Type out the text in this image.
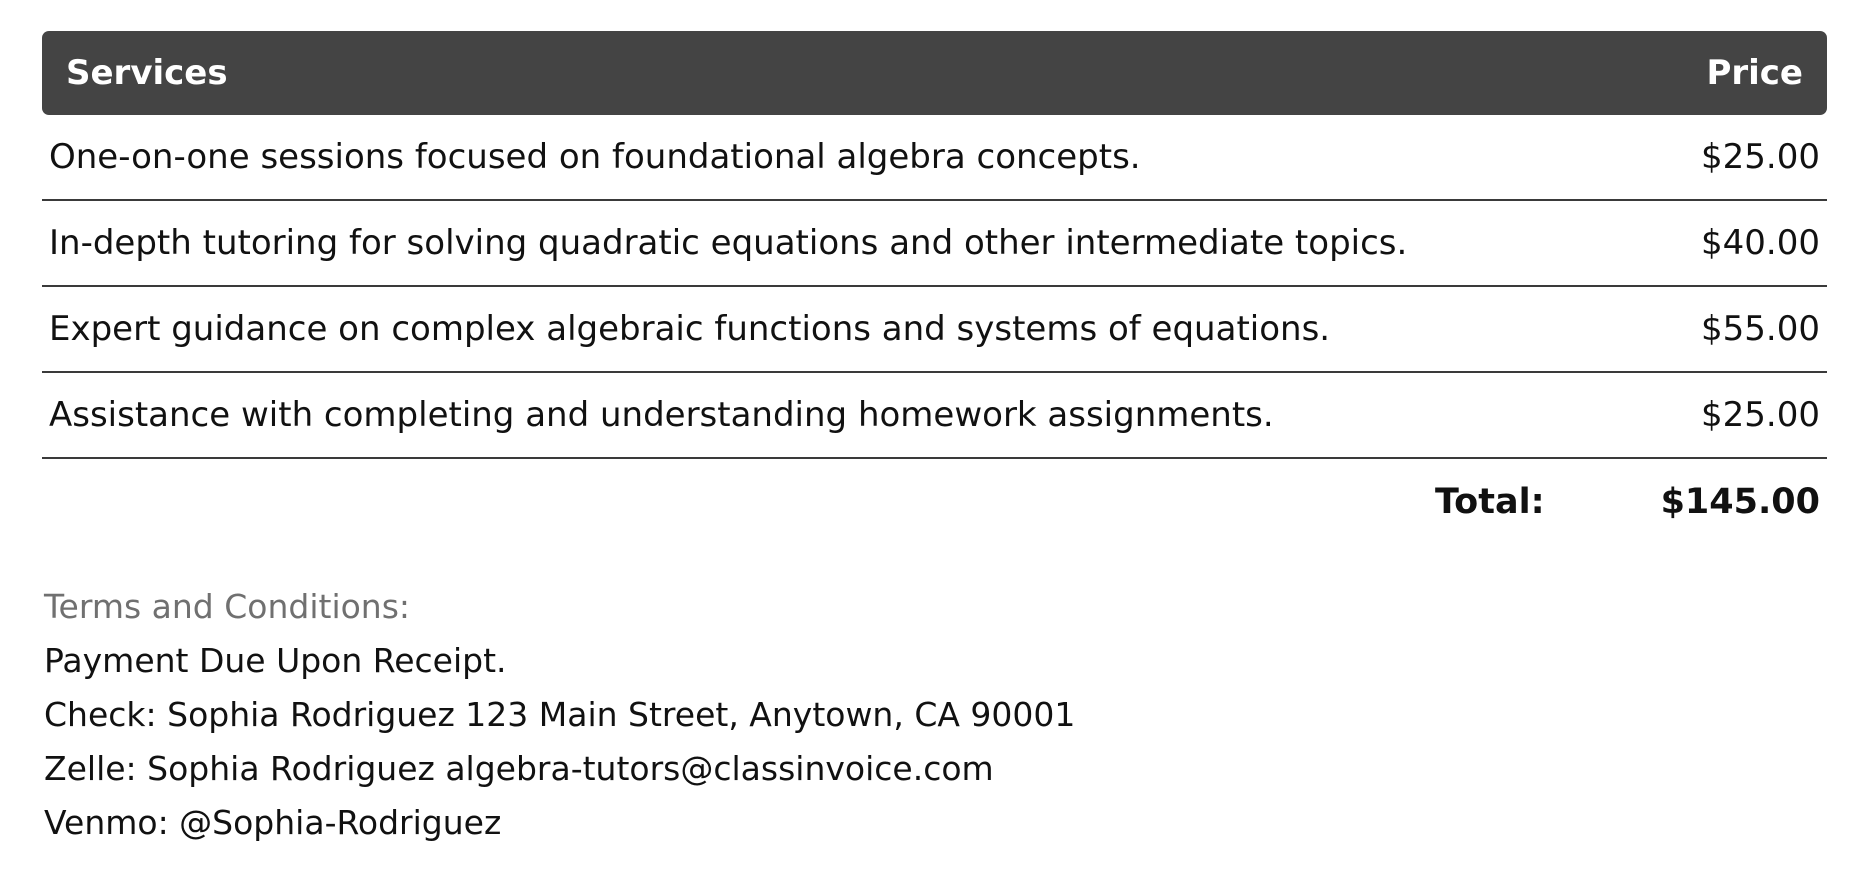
Services	Price
One-on-one sessions focused on foundational algebra concepts.	$25.00
In-depth tutoring for solving quadratic equations and other intermediate topics.	$40.00
Expert guidance on complex algebraic functions and systems of equations.	$55.00
Assistance with completing and understanding homework assignments.	$25.00
Total:	$145.00
Terms and Conditions:
Payment Due Upon Receipt.
Check: Sophia Rodriguez 123 Main Street, Anytown, CA 90001
Zelle: Sophia Rodriguez algebra-tutors@classinvoice.com
Venmo: @Sophia-Rodriguez
